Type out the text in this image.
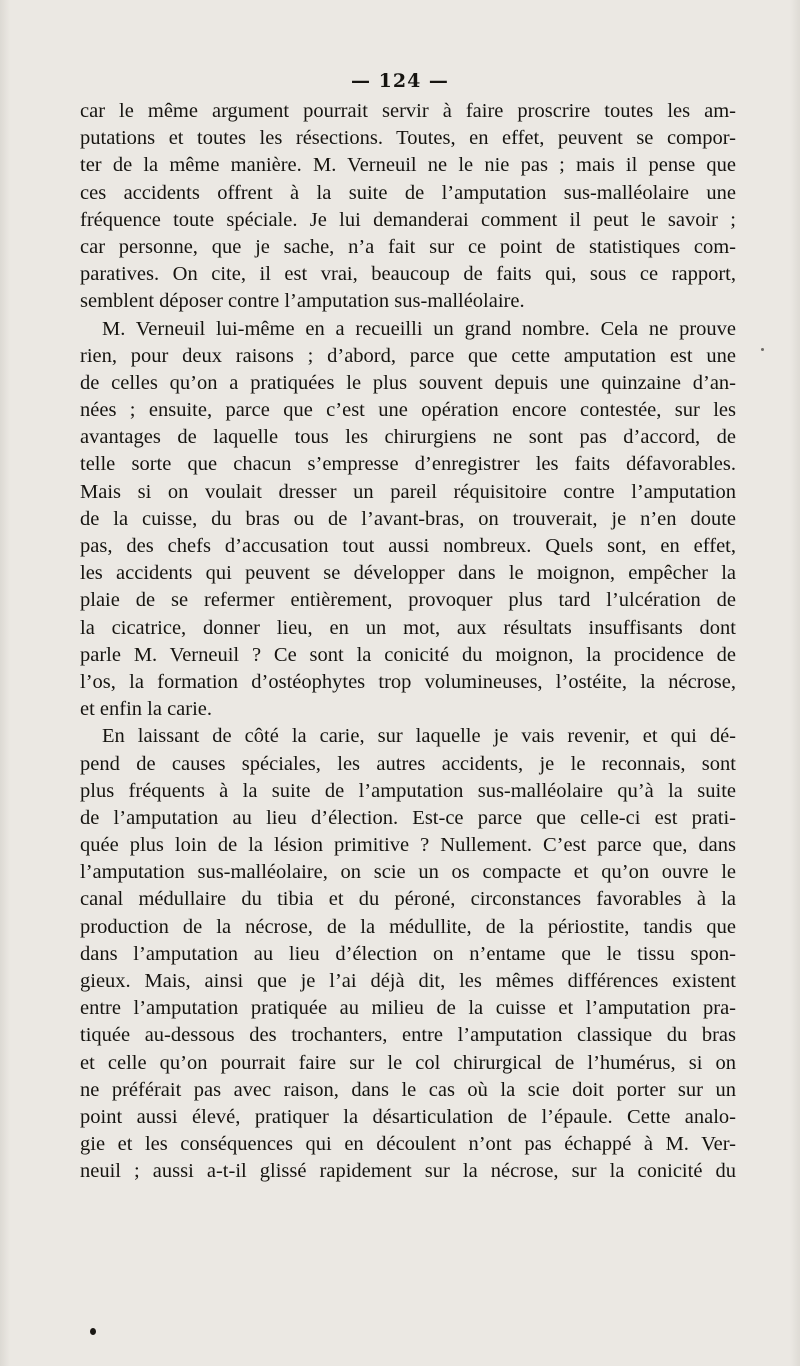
— 124 —
car le même argument pourrait servir à faire proscrire toutes les am-
putations et toutes les résections. Toutes, en effet, peuvent se compor-
ter de la même manière. M. Verneuil ne le nie pas ; mais il pense que
ces accidents offrent à la suite de l’amputation sus-malléolaire une
fréquence toute spéciale. Je lui demanderai comment il peut le savoir ;
car personne, que je sache, n’a fait sur ce point de statistiques com-
paratives. On cite, il est vrai, beaucoup de faits qui, sous ce rapport,
semblent déposer contre l’amputation sus-malléolaire.
M. Verneuil lui-même en a recueilli un grand nombre. Cela ne prouve
rien, pour deux raisons ; d’abord, parce que cette amputation est une
de celles qu’on a pratiquées le plus souvent depuis une quinzaine d’an-
nées ; ensuite, parce que c’est une opération encore contestée, sur les
avantages de laquelle tous les chirurgiens ne sont pas d’accord, de
telle sorte que chacun s’empresse d’enregistrer les faits défavorables.
Mais si on voulait dresser un pareil réquisitoire contre l’amputation
de la cuisse, du bras ou de l’avant-bras, on trouverait, je n’en doute
pas, des chefs d’accusation tout aussi nombreux. Quels sont, en effet,
les accidents qui peuvent se développer dans le moignon, empêcher la
plaie de se refermer entièrement, provoquer plus tard l’ulcération de
la cicatrice, donner lieu, en un mot, aux résultats insuffisants dont
parle M. Verneuil ? Ce sont la conicité du moignon, la procidence de
l’os, la formation d’ostéophytes trop volumineuses, l’ostéite, la nécrose,
et enfin la carie.
En laissant de côté la carie, sur laquelle je vais revenir, et qui dé-
pend de causes spéciales, les autres accidents, je le reconnais, sont
plus fréquents à la suite de l’amputation sus-malléolaire qu’à la suite
de l’amputation au lieu d’élection. Est-ce parce que celle-ci est prati-
quée plus loin de la lésion primitive ? Nullement. C’est parce que, dans
l’amputation sus-malléolaire, on scie un os compacte et qu’on ouvre le
canal médullaire du tibia et du péroné, circonstances favorables à la
production de la nécrose, de la médullite, de la périostite, tandis que
dans l’amputation au lieu d’élection on n’entame que le tissu spon-
gieux. Mais, ainsi que je l’ai déjà dit, les mêmes différences existent
entre l’amputation pratiquée au milieu de la cuisse et l’amputation pra-
tiquée au-dessous des trochanters, entre l’amputation classique du bras
et celle qu’on pourrait faire sur le col chirurgical de l’humérus, si on
ne préférait pas avec raison, dans le cas où la scie doit porter sur un
point aussi élevé, pratiquer la désarticulation de l’épaule. Cette analo-
gie et les conséquences qui en découlent n’ont pas échappé à M. Ver-
neuil ; aussi a-t-il glissé rapidement sur la nécrose, sur la conicité du
